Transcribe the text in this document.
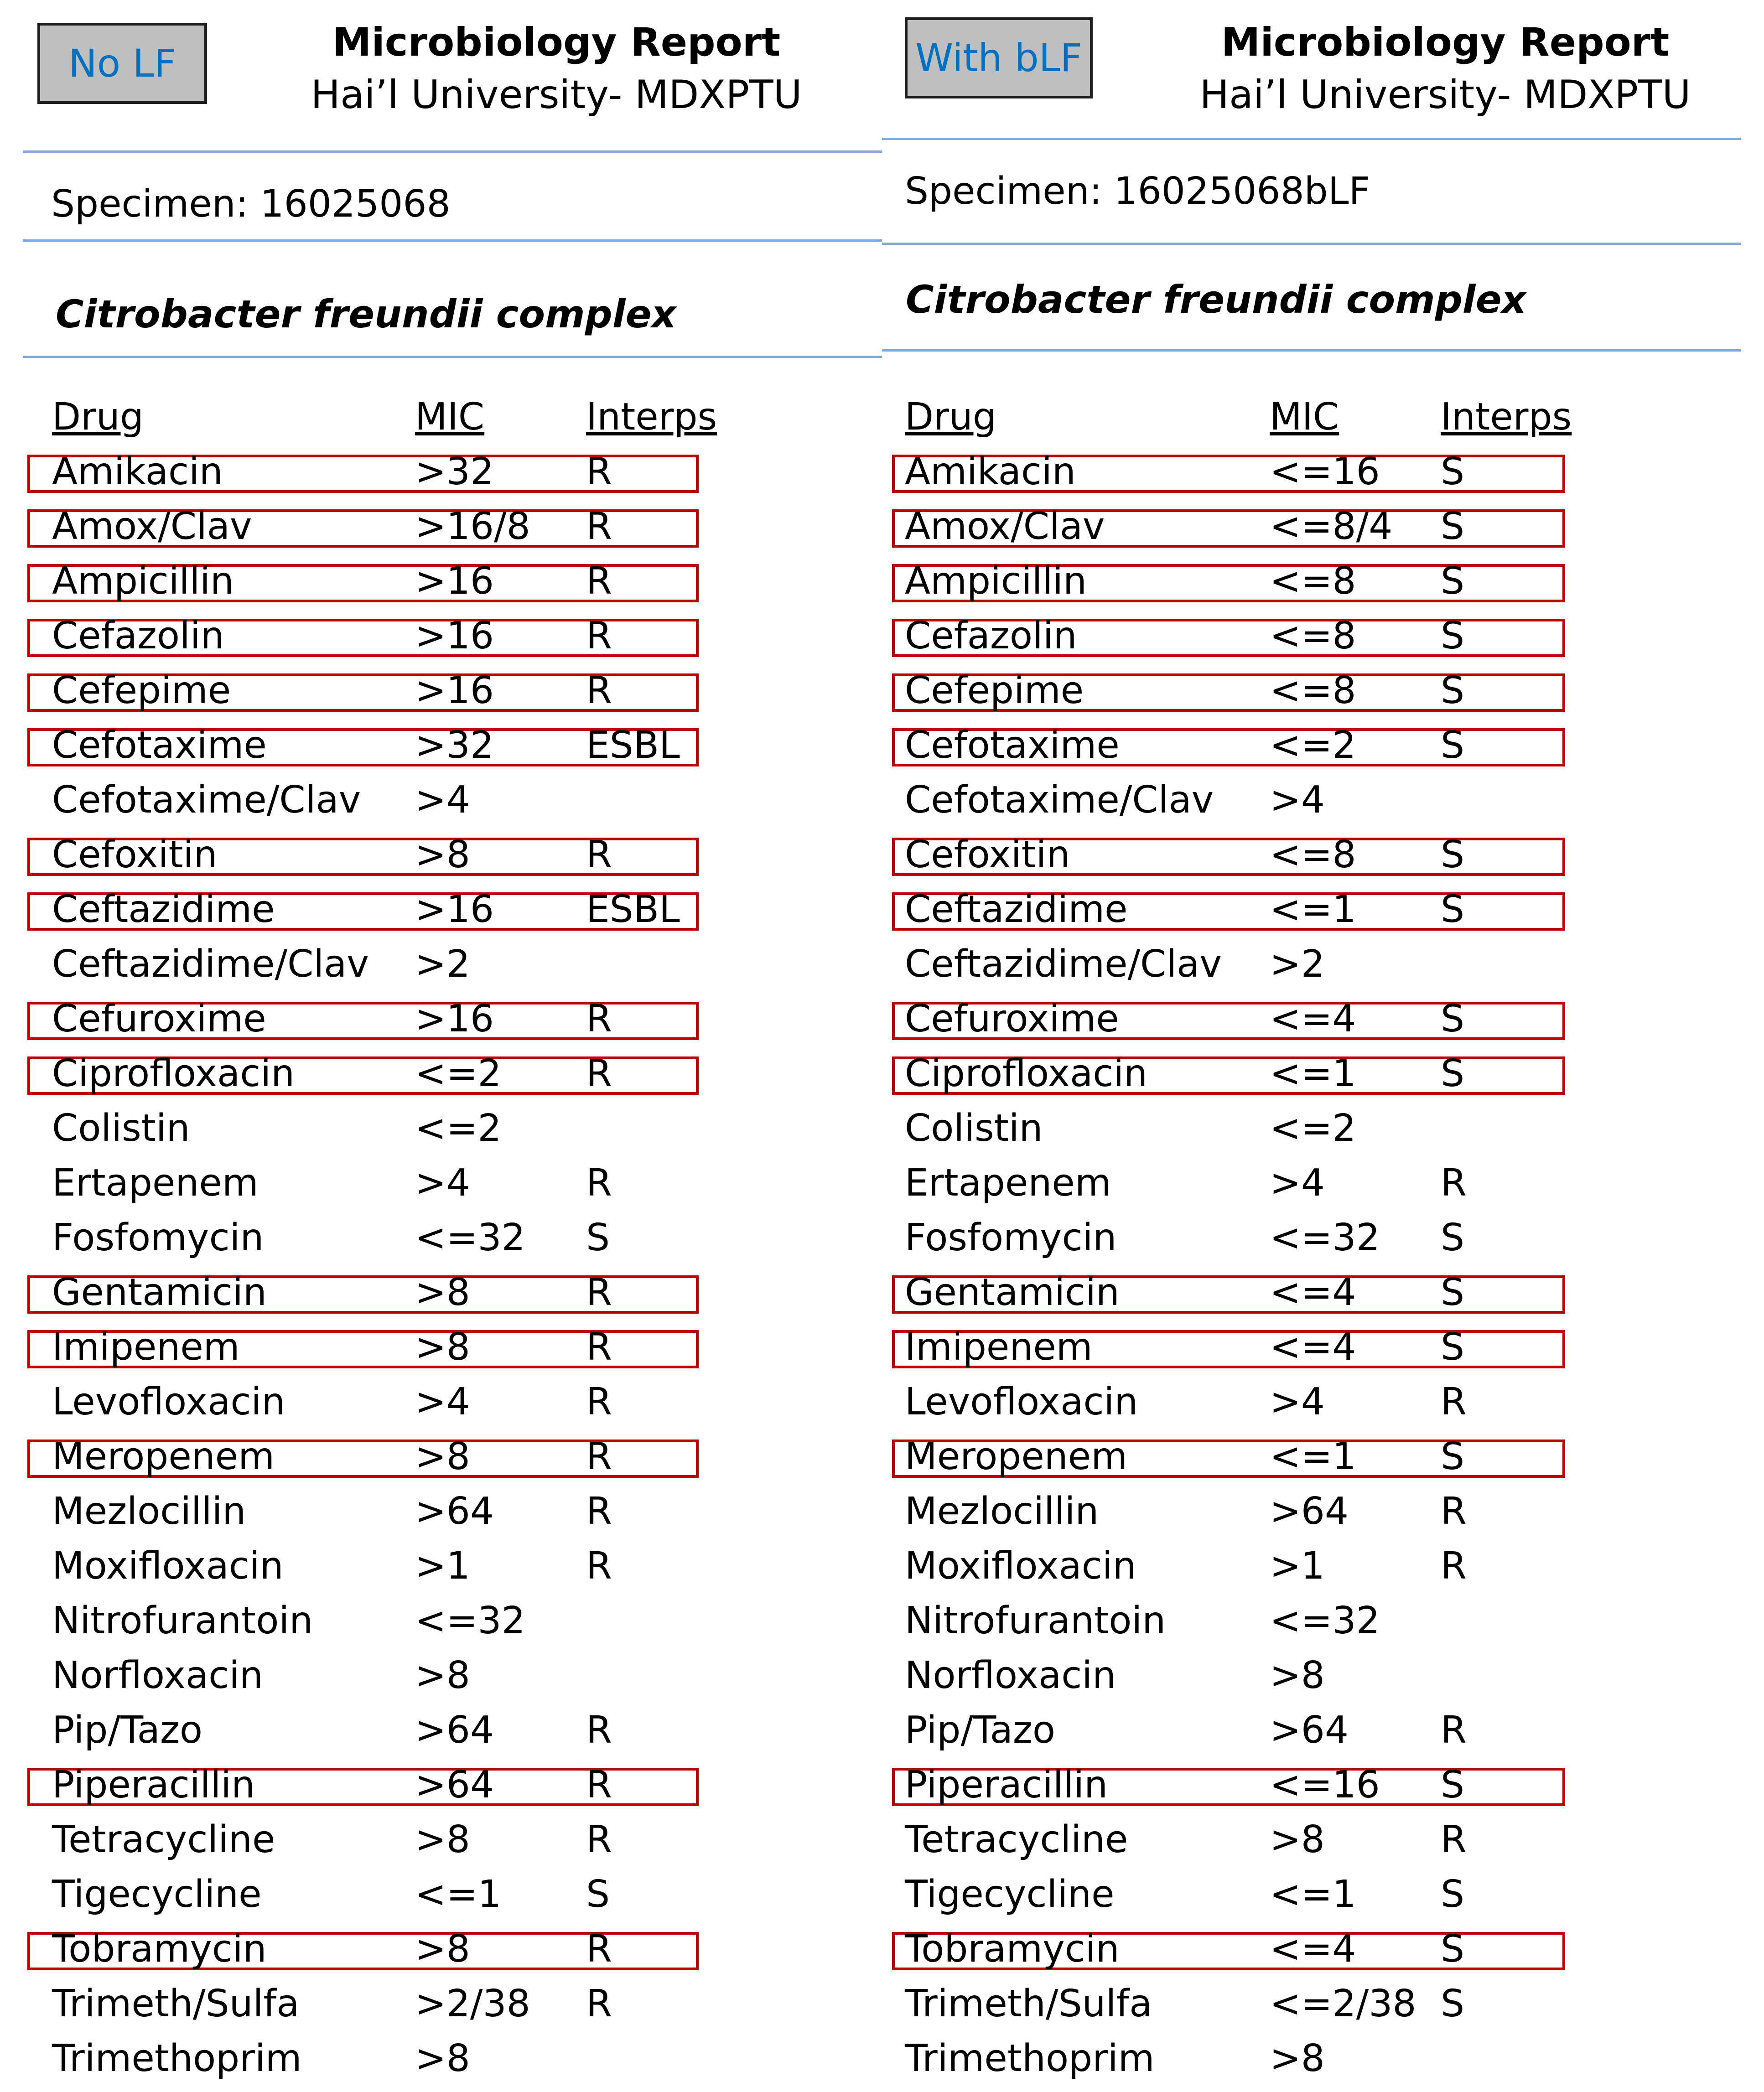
No LF	Microbiology Report
Hai’l University- MDXPTU
Specimen: 16025068
Citrobacter freundii complex
Drug	MIC	Interps
Amikacin	>32 R
Amox/Clav	>16/8 R
Ampicillin	>16 R
Cefazolin	>16 R
Cefepime	>16 R
Cefotaxime	>32 ESBL
Cefotaxime/Clav >4
Cefoxitin	>8	R
Ceftazidime	>16 ESBL
Ceftazidime/Clav >2
Cefuroxime	>16 R
Ciprofloxacin	<=2 R
Colistin	<=2
Ertapenem	>4	R
Fosfomycin	<=32 S
Gentamicin	>8	R
Imipenem	>8	R
Levofloxacin	>4	R
Meropenem	>8	R
Mezlocillin	>64 R
Moxifloxacin	>1	R
Nitrofurantoin	<=32
Norfloxacin	>8
Pip/Tazo	>64 R
Piperacillin	>64 R
Tetracycline	>8	R
Tigecycline	<=1 S
Tobramycin	>8	R
Trimeth/Sulfa	>2/38 R
Trimethoprim	>8
With bLF	Microbiology Report
Hai’l University- MDXPTU
Specimen: 16025068bLF
Citrobacter freundii complex
Drug	MIC	Interps
Amikacin	<=16 S
Amox/Clav	<=8/4 S
Ampicillin	<=8 S
Cefazolin	<=8 S
Cefepime	<=8 S
Cefotaxime	<=2 S
Cefotaxime/Clav >4
Cefoxitin	<=8 S
Ceftazidime	<=1 S
Ceftazidime/Clav >2
Cefuroxime	<=4 S
Ciprofloxacin	<=1 S
Colistin	<=2
Ertapenem	>4	R
Fosfomycin	<=32 S
Gentamicin	<=4 S
Imipenem	<=4 S
Levofloxacin	>4	R
Meropenem	<=1 S
Mezlocillin	>64 R
Moxifloxacin	>1	R
Nitrofurantoin	<=32
Norfloxacin	>8
Pip/Tazo	>64 R
Piperacillin	<=16 S
Tetracycline	>8	R
Tigecycline	<=1 S
Tobramycin	<=4 S
Trimeth/Sulfa	<=2/38 S
Trimethoprim	>8
